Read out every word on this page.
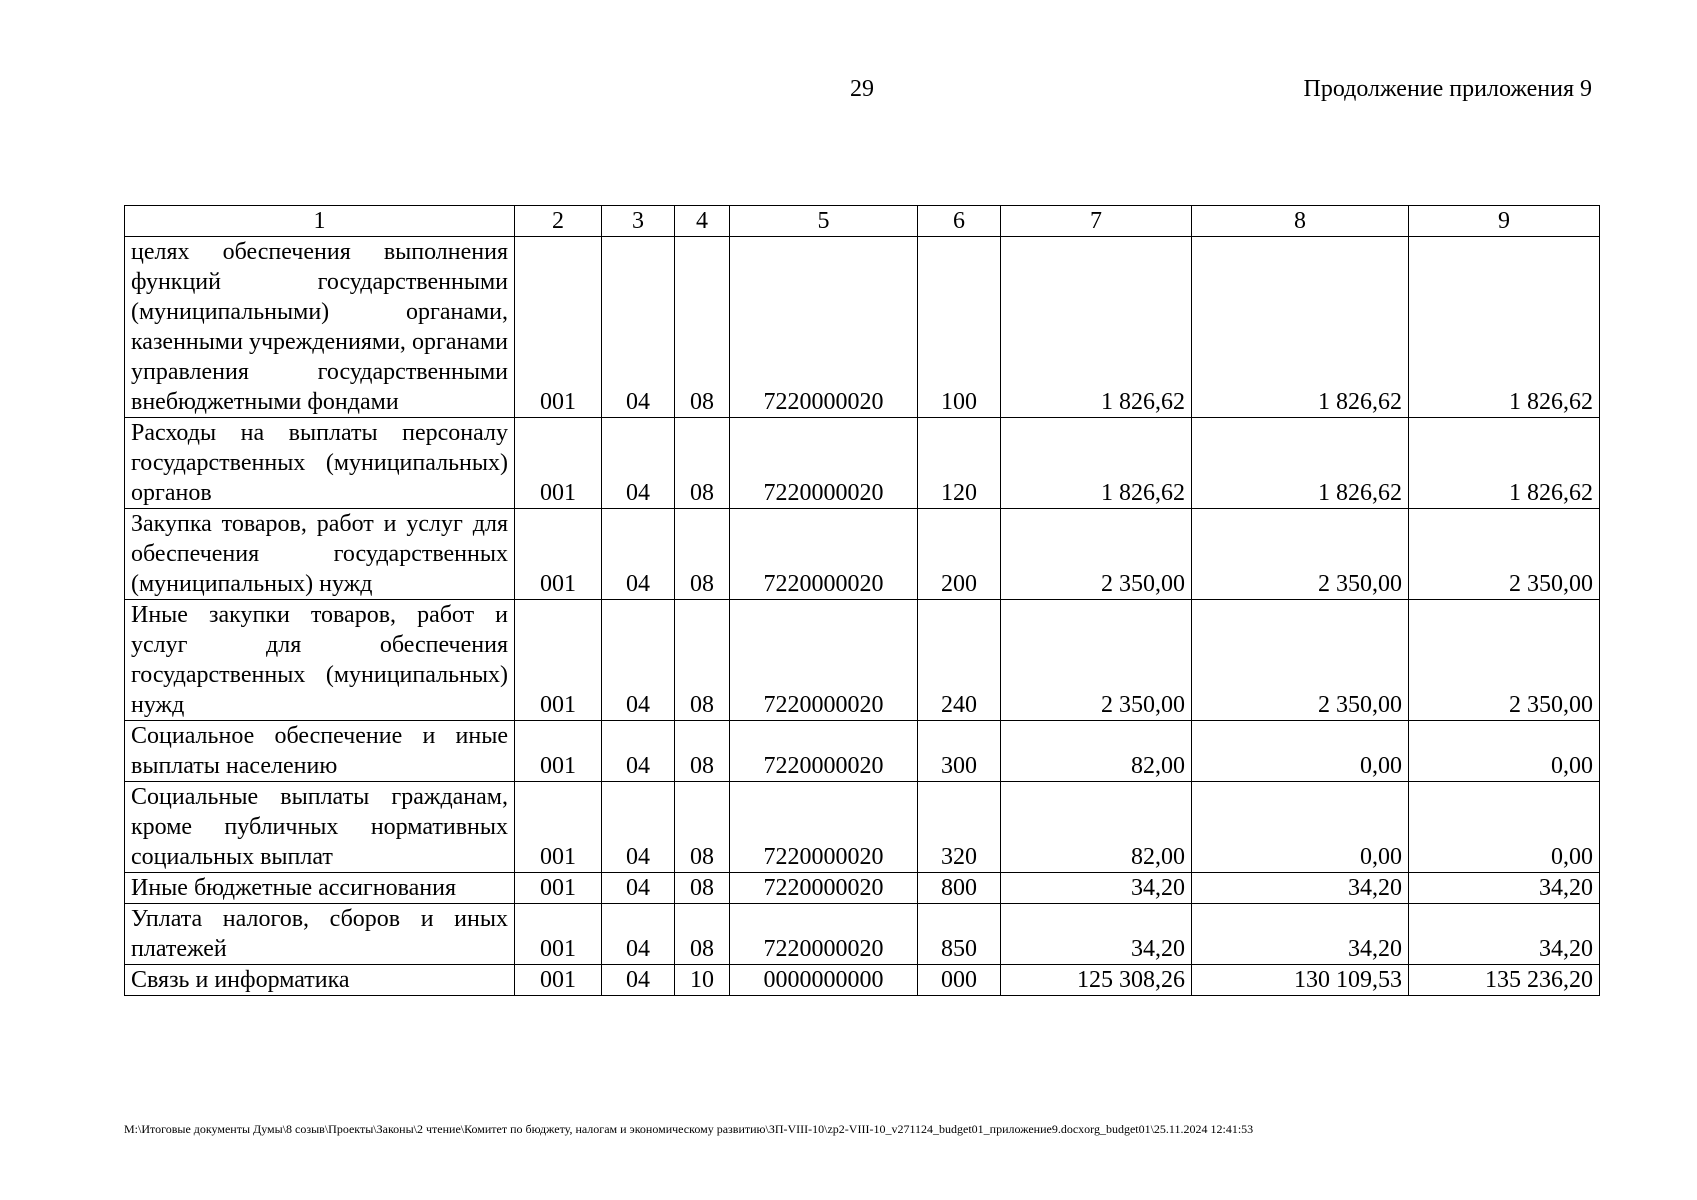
29	Продолжение приложения 9
1	2	3	4	5	6	7	8	9
целях обеспечения выполнения функций государственными (муниципальными) органами, казенными учреждениями, органами управления государственными внебюджетными фондами	001	04	08	7220000020	100	1 826,62	1 826,62	1 826,62
Расходы на выплаты персоналу государственных (муниципальных) органов	001	04	08	7220000020	120	1 826,62	1 826,62	1 826,62
Закупка товаров, работ и услуг для обеспечения государственных (муниципальных) нужд	001	04	08	7220000020	200	2 350,00	2 350,00	2 350,00
Иные закупки товаров, работ и услуг для обеспечения государственных (муниципальных) нужд	001	04	08	7220000020	240	2 350,00	2 350,00	2 350,00
Социальное обеспечение и иные выплаты населению	001	04	08	7220000020	300	82,00	0,00	0,00
Социальные выплаты гражданам, кроме публичных нормативных социальных выплат	001	04	08	7220000020	320	82,00	0,00	0,00
Иные бюджетные ассигнования	001	04	08	7220000020	800	34,20	34,20	34,20
Уплата налогов, сборов и иных платежей	001	04	08	7220000020	850	34,20	34,20	34,20
Связь и информатика	001	04	10	0000000000	000	125 308,26	130 109,53	135 236,20
M:\Итоговые документы Думы\8 созыв\Проекты\Законы\2 чтение\Комитет по бюджету, налогам и экономическому развитию\ЗП-VIII-10\zp2-VIII-10_v271124_budget01_приложение9.docxorg_budget01\25.11.2024 12:41:53
